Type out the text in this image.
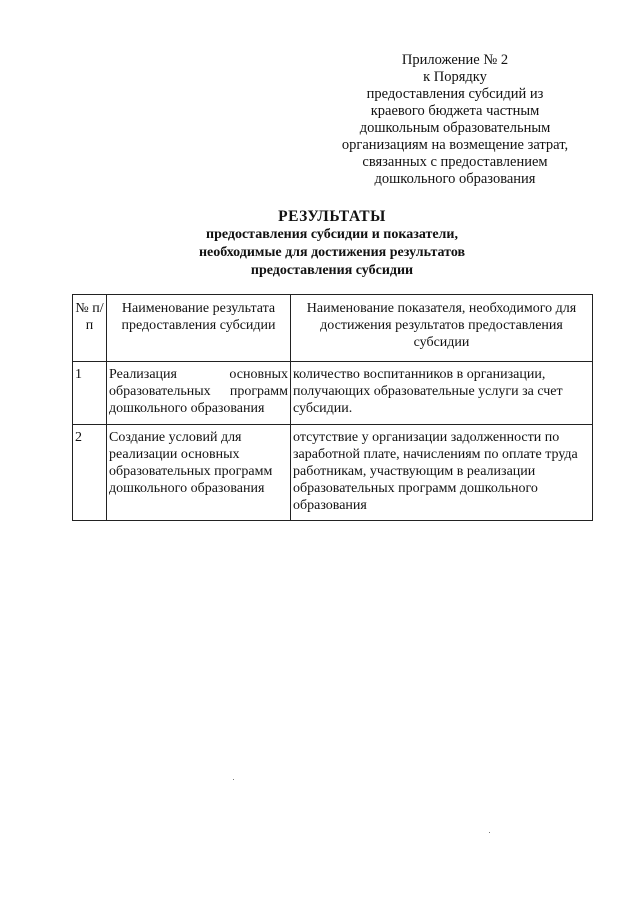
Приложение № 2
к Порядку
предоставления субсидий из
краевого бюджета частным
дошкольным образовательным
организациям на возмещение затрат,
связанных с предоставлением
дошкольного образования
РЕЗУЛЬТАТЫ
предоставления субсидии и показатели,
необходимые для достижения результатов
предоставления субсидии
№ п/п	Наименование результата предоставления субсидии	Наименование показателя, необходимого для достижения результатов предоставления субсидии
1	Реализация основных образовательных программ дошкольного образования	количество воспитанников в организации, получающих образовательные услуги за счет субсидии.
2	Создание условий для реализации основных образовательных программ дошкольного образования	отсутствие у организации задолженности по заработной плате, начислениям по оплате труда работникам, участвующим в реализации образовательных программ дошкольного образования
